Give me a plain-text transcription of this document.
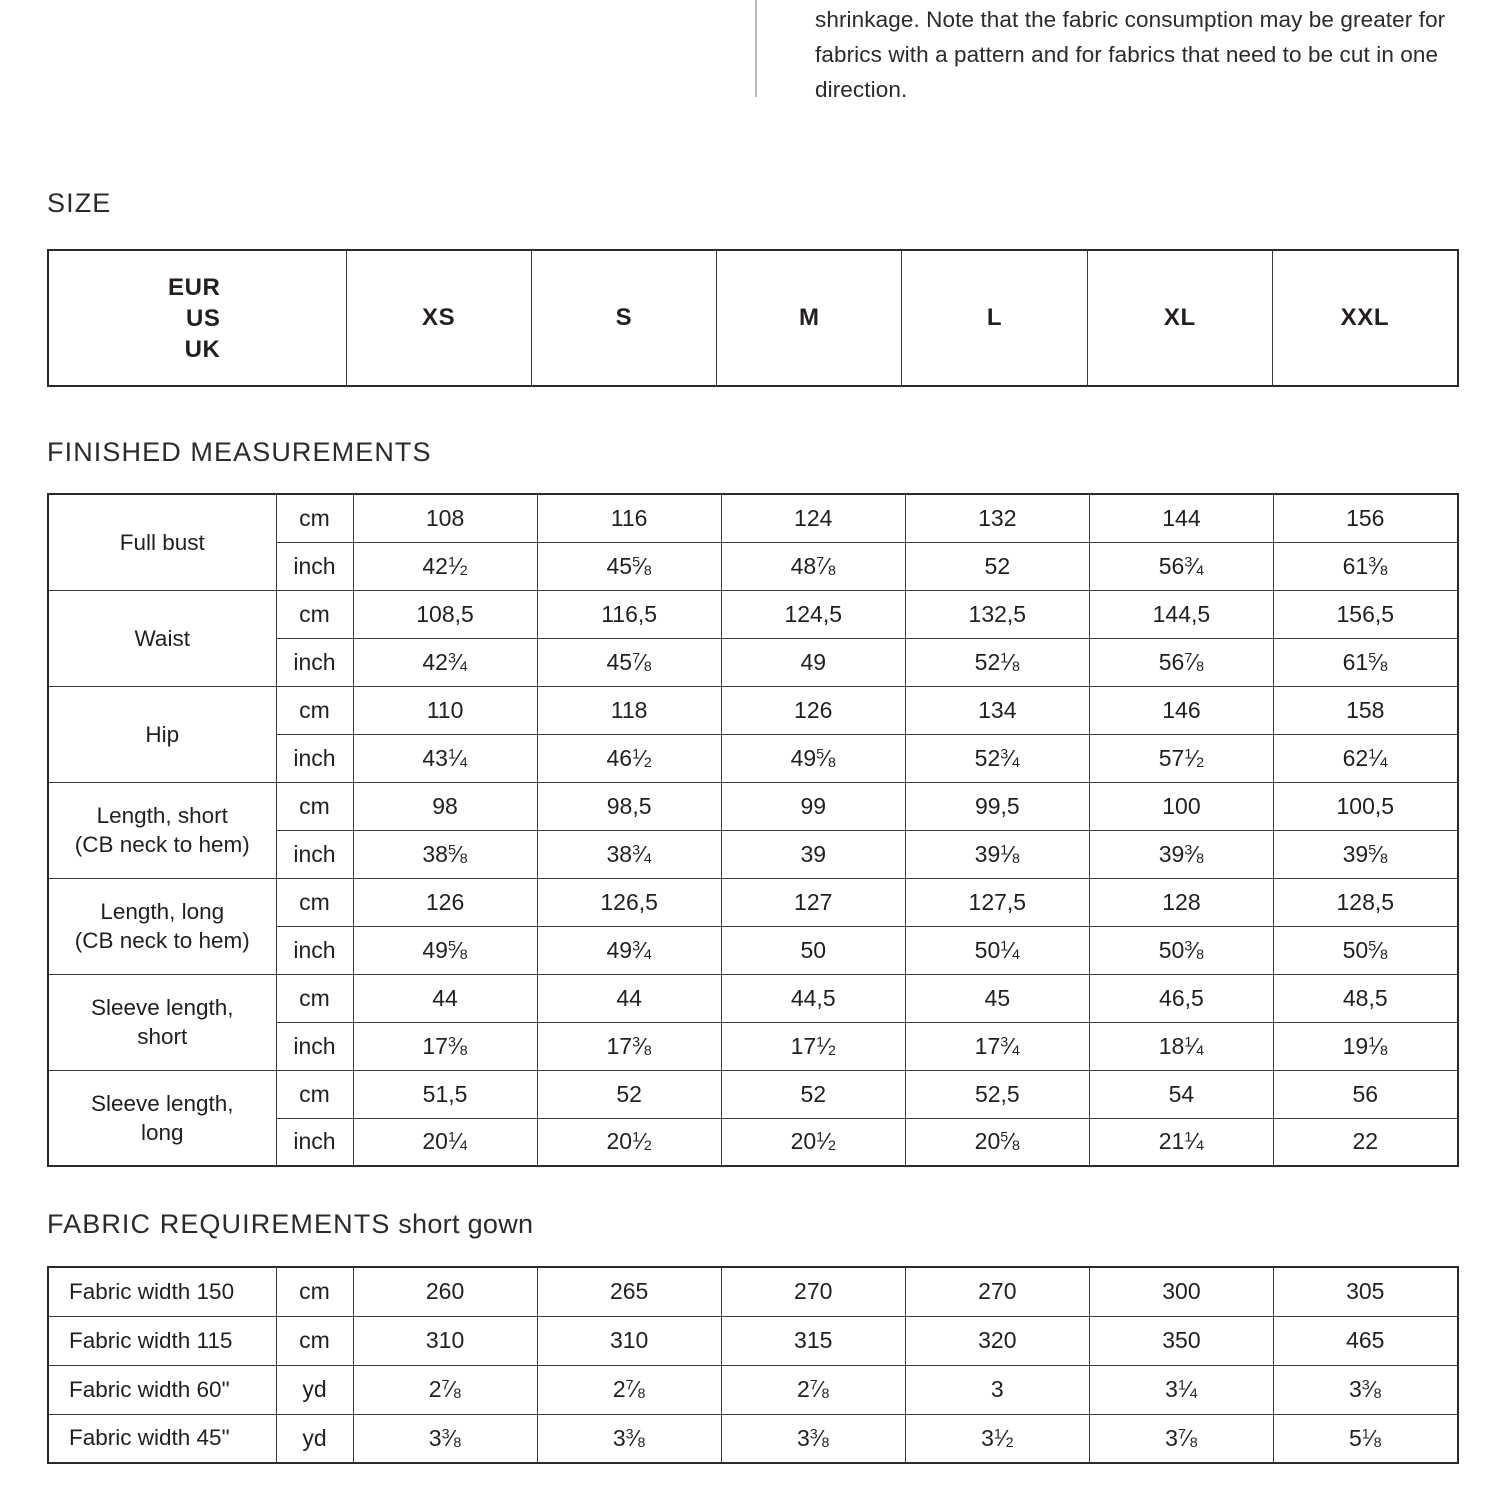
shrinkage. Note that the fabric consumption may be greater for fabrics with a pattern and for fabrics that need to be cut in one direction.
SIZE
EUR
US
UK	XS	S	M	L	XL	XXL
FINISHED MEASUREMENTS
Full bust	cm	108	116	124	132	144	156
	inch	$42^1⁄_2$	$45^5⁄_8$	$48^7⁄_8$	52	$56^3⁄_4$	$61^3⁄_8$
Waist	cm	108,5	116,5	124,5	132,5	144,5	156,5
	inch	$42^3⁄_4$	$45^7⁄_8$	49	$52^1⁄_8$	$56^7⁄_8$	$61^5⁄_8$
Hip	cm	110	118	126	134	146	158
	inch	$43^1⁄_4$	$46^1⁄_2$	$49^5⁄_8$	$52^3⁄_4$	$57^1⁄_2$	$62^1⁄_4$
Length, short
(CB neck to hem)	cm	98	98,5	99	99,5	100	100,5
	inch	$38^5⁄_8$	$38^3⁄_4$	39	$39^1⁄_8$	$39^3⁄_8$	$39^5⁄_8$
Length, long
(CB neck to hem)	cm	126	126,5	127	127,5	128	128,5
	inch	$49^5⁄_8$	$49^3⁄_4$	50	$50^1⁄_4$	$50^3⁄_8$	$50^5⁄_8$
Sleeve length,
short	cm	44	44	44,5	45	46,5	48,5
	inch	$17^3⁄_8$	$17^3⁄_8$	$17^1⁄_2$	$17^3⁄_4$	$18^1⁄_4$	$19^1⁄_8$
Sleeve length,
long	cm	51,5	52	52	52,5	54	56
	inch	$20^1⁄_4$	$20^1⁄_2$	$20^1⁄_2$	$20^5⁄_8$	$21^1⁄_4$	22
FABRIC REQUIREMENTS short gown
Fabric width 150	cm	260	265	270	270	300	305
Fabric width 115	cm	310	310	315	320	350	465
Fabric width 60"	yd	$2^7⁄_8$	$2^7⁄_8$	$2^7⁄_8$	3	$3^1⁄_4$	$3^3⁄_8$
Fabric width 45"	yd	$3^3⁄_8$	$3^3⁄_8$	$3^3⁄_8$	$3^1⁄_2$	$3^7⁄_8$	$5^1⁄_8$
